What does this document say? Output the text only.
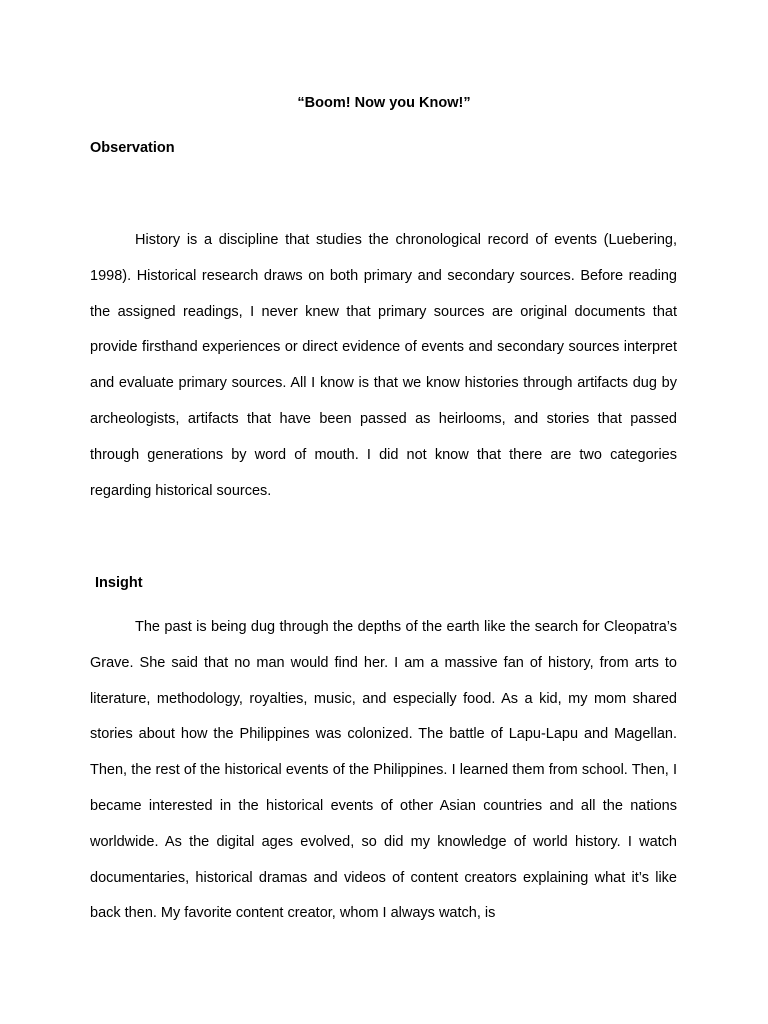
“Boom! Now you Know!”
Observation

History is a discipline that studies the chronological record of events (Luebering, 1998). Historical research draws on both primary and secondary sources. Before reading the assigned readings, I never knew that primary sources are original documents that provide firsthand experiences or direct evidence of events and secondary sources interpret and evaluate primary sources. All I know is that we know histories through artifacts dug by archeologists, artifacts that have been passed as heirlooms, and stories that passed through generations by word of mouth. I did not know that there are two categories regarding historical sources.

Insight

The past is being dug through the depths of the earth like the search for Cleopatra’s Grave. She said that no man would find her. I am a massive fan of history, from arts to literature, methodology, royalties, music, and especially food. As a kid, my mom shared stories about how the Philippines was colonized. The battle of Lapu-Lapu and Magellan. Then, the rest of the historical events of the Philippines. I learned them from school. Then, I became interested in the historical events of other Asian countries and all the nations worldwide. As the digital ages evolved, so did my knowledge of world history. I watch documentaries, historical dramas and videos of content creators explaining what it’s like back then. My favorite content creator, whom I always watch, is
